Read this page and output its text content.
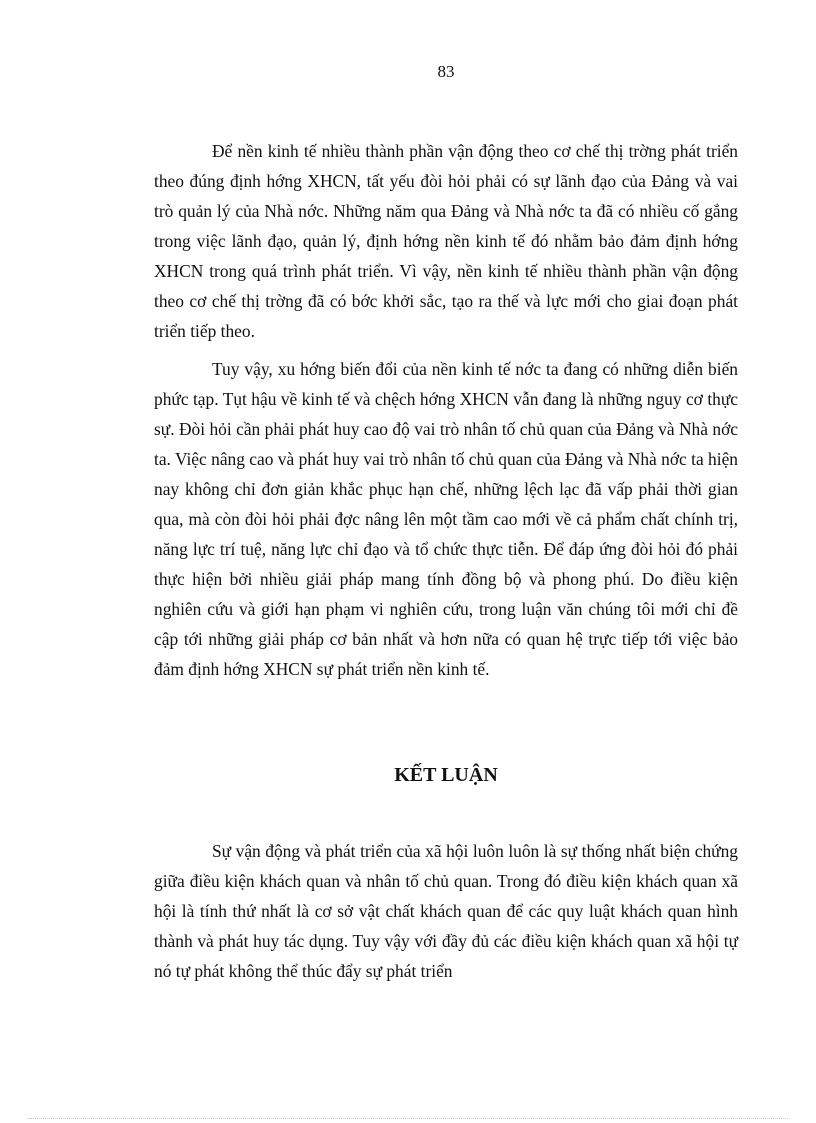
83

Để nền kinh tế nhiều thành phần vận động theo cơ chế thị trờng phát triển theo đúng định hớng XHCN, tất yếu đòi hỏi phải có sự lãnh đạo của Đảng và vai trò quản lý của Nhà nớc. Những năm qua Đảng và Nhà nớc ta đã có nhiều cố gắng trong việc lãnh đạo, quản lý, định hớng nền kinh tế đó nhằm bảo đảm định hớng XHCN trong quá trình phát triển. Vì vậy, nền kinh tế nhiều thành phần vận động theo cơ chế thị trờng đã có bớc khởi sắc, tạo ra thế và lực mới cho giai đoạn phát triển tiếp theo.

Tuy vậy, xu hớng biến đổi của nền kinh tế nớc ta đang có những diễn biến phức tạp. Tụt hậu về kinh tế và chệch hớng XHCN vẫn đang là những nguy cơ thực sự. Đòi hỏi cần phải phát huy cao độ vai trò nhân tố chủ quan của Đảng và Nhà nớc ta. Việc nâng cao và phát huy vai trò nhân tố chủ quan của Đảng và Nhà nớc ta hiện nay không chỉ đơn giản khắc phục hạn chế, những lệch lạc đã vấp phải thời gian qua, mà còn đòi hỏi phải đợc nâng lên một tầm cao mới về cả phẩm chất chính trị, năng lực trí tuệ, năng lực chỉ đạo và tổ chức thực tiễn. Để đáp ứng đòi hỏi đó phải thực hiện bởi nhiều giải pháp mang tính đồng bộ và phong phú. Do điều kiện nghiên cứu và giới hạn phạm vi nghiên cứu, trong luận văn chúng tôi mới chỉ đề cập tới những giải pháp cơ bản nhất và hơn nữa có quan hệ trực tiếp tới việc bảo đảm định hớng XHCN sự phát triển nền kinh tế.

KẾT LUẬN

Sự vận động và phát triển của xã hội luôn luôn là sự thống nhất biện chứng giữa điều kiện khách quan và nhân tố chủ quan. Trong đó điều kiện khách quan xã hội là tính thứ nhất là cơ sở vật chất khách quan để các quy luật khách quan hình thành và phát huy tác dụng. Tuy vậy với đầy đủ các điều kiện khách quan xã hội tự nó tự phát không thể thúc đẩy sự phát triển
